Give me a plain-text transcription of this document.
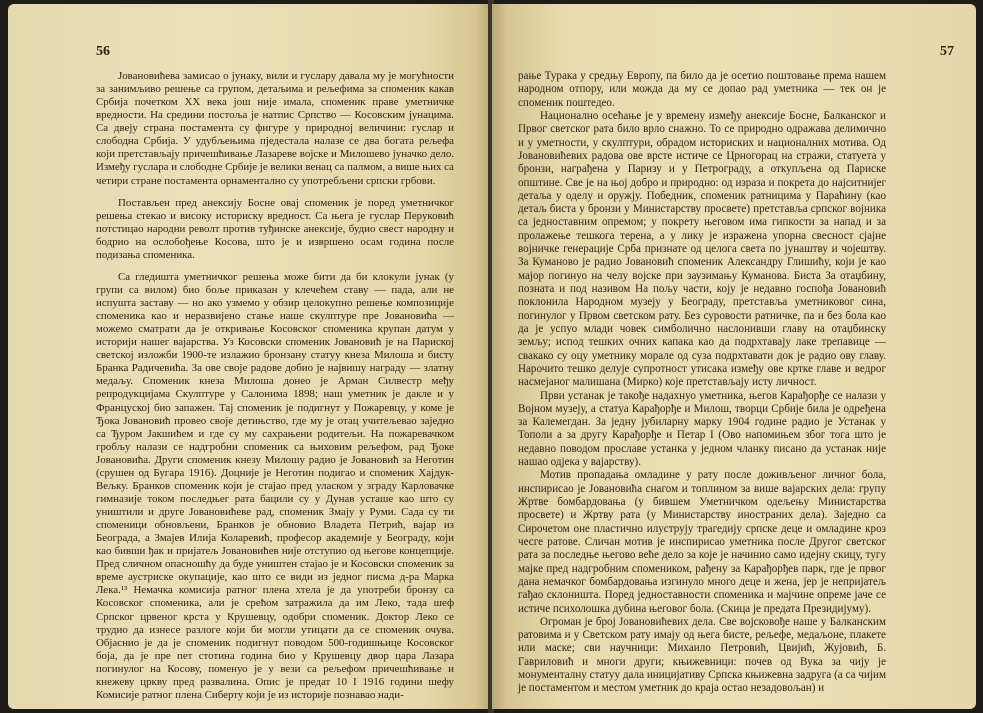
56

Јовановићева замисао о јунаку, вили и гуслару давала му је могућности за занимљиво решење са групом, детаљима и рељефима за споменик какав Србија почетком XX века још није имала, споменик праве уметничке вредности. На средини постоља је натпис Српство — Косовским јунацима. Са двеју страна постамента су фигуре у природној величини: гуслар и слободна Србија. У удубљењима пједестала налазе се два богата рељефа који претстављају причешћивање Лазареве војске и Милошево јуначко дело. Између гуслара и слободне Србије је велики венац са палмом, а више њих са четири стране постамента орнаментално су употребљени српски грбови.

Постављен пред анексију Босне овај споменик је поред уметничког решења стекао и високу историску вредност. Са њега је гуслар Перуковић потстицао народни револт против туђинске анексије, будио свест народну и бодрио на ослобођење Косова, што је и извршено осам година после подизања споменика.

Са гледишта уметничког решења може бити да би клокули јунак (у групи са вилом) био боље приказан у клечећем ставу — пада, али не испушта заставу — но ако узмемо у обзир целокупно решење композиције споменика као и неразвијено стање наше скулптуре пре Јовановића — можемо сматрати да је откривање Косовског споменика крупан датум у историји нашег вајарства. Уз Косовски споменик Јовановић је на Париској светској изложби 1900-те излажио бронзану статуу кнеза Милоша и бисту Бранка Радичевића. За ове своје радове добио је највишу награду — златну медаљу. Споменик кнеза Милоша донео је Арман Силвестр међу репродукцијама Скулптуре у Салонима 1898; наш уметник је дакле и у Француској био запажен. Тај споменик је подигнут у Пожаревцу, у коме је Ђока Јовановић провео своје детињство, где му је отац учитељевао заједно са Ђуром Јакшићем и где су му сахрањени родитељи. На пожаревачком гробљу налази се надгробни споменик са њиховим рељефом, рад Ђоке Јовановића. Други споменик кнезу Милошу радио је Јовановић за Неготин (срушен од Бугара 1916). Доцније је Неготин подигао и споменик Хајдук-Вељку. Бранков споменик који је стајао пред уласком у зграду Карловачке гимназије током последњег рата бацили су у Дунав усташе као што су уништили и друге Јовановићеве рад, споменик Змају у Руми. Сада су ти споменици обновљени, Бранков је обновио Владета Петрић, вајар из Београда, а Змајев Илија Коларевић, професор академије у Београду, који као бивши ђак и пријатељ Јовановићев није отступио од његове концепције. Пред сличном опасношћу да буде уништен стајао је и Косовски споменик за време аустриске окупације, као што се види из једног писма д-ра Марка Лека.¹³ Немачка комисија ратног плена хтела је да употреби бронзу са Косовског споменика, али је срећом затражила да им Леко, тада шеф Српског црвеног крста у Крушевцу, одобри споменик. Доктор Леко се трудио да изнесе разлоге који би могли утицати да се споменик очува. Објаснио је да је споменик подигнут поводом 500-годишњице Косовског боја, да је пре пет стотина година био у Крушевцу двор цара Лазара погинулог на Косову, поменуо је у вези са рељефом причешћивање и кнежеву цркву пред развалина. Опис је предат 10 I 1916 години шефу Комисије ратног плена Сиберту који је из историје познавао нади-

57

рање Турака у средњу Европу, па било да је осетио поштовање према нашем народном отпору, или можда да му се допао рад уметника — тек он је споменик поштедео.

Национално осећање је у времену између анексије Босне, Балканског и Првог светског рата било врло снажно. То се природно одражава делимично и у уметности, у скулптури, обрадом историских и националних мотива. Од Јовановићевих радова ове врсте истиче се Црногорац на стражи, статуета у бронзи, награђена у Паризу и у Петрограду, а откупљена од Париске општине. Све је на њој добро и природно: од израза и покрета до најситнијег детаља у оделу и оружју. Победник, споменик ратницима у Параћину (као детаљ биста у бронзи у Министарству просвете) претставља српског војника са једноставним опремом; у покрету његовом има гипкости за напад и за пролажење тешкога терена, а у лику је изражена упорна свесност сјајне војничке генерације Срба признате од целога света по јунаштву и чојештву. За Куманово је радио Јовановић споменик Александру Глишићу, који је као мајор погинуо на челу војске при заузимању Куманова. Биста За отаџбину, позната и под називом На пољу части, коју је недавно госпођа Јовановић поклонила Народном музеју у Београду, претставља уметниковог сина, погинулог у Првом светском рату. Без суровости ратничке, па и без бола као да је успуо млади човек симболично наслонивши главу на отаџбинску земљу; испод тешких очних капака као да подрхтавају лаке трепавице — свакако су оцу уметнику морале од суза подрхтавати док је радио ову главу. Нарочито тешко делује супротност утисака између ове кртке главе и ведрог насмејаног малишана (Мирко) које претстављају исту личност.

Први устанак је такође надахнуо уметника, његов Карађорђе се налази у Војном музеју, а статуа Карађорђе и Милош, творци Србије била је одређена за Калемегдан. За једну јубиларну марку 1904 године радио је Устанак у Тополи а за другу Карађорђе и Петар I (Ово напомињем због тога што је недавно поводом прославе устанка у једном чланку писано да устанак није нашао одјека у вајарству).

Мотив пропадања омладине у рату после доживљеног личног бола, инспирисао је Јовановића снагом и топлином за више вајарских дела: групу Жртве бомбардовања (у бившем Уметничком одељењу Министарства просвете) и Жртву рата (у Министарству иностраних дела). Заједно са Сирочетом оне пластично илуструју трагедију српске деце и омладине кроз чесге ратове. Сличан мотив је инспирисао уметника после Другог светског рата за последње његово веће дело за које је начинио само идејну скицу, тугу мајке пред надгробним спомеником, рађену за Карађорђев парк, где је првог дана немачког бомбардовања изгинуло много деце и жена, јер је непријатељ гађао склоништа. Поред једноставности споменика и мајчине опреме јаче се истиче психолошка дубина његовог бола. (Скица је предата Президијуму).

Огроман је број Јовановићевих дела. Све војсковође наше у Балканским ратовима и у Светском рату имају од њега бисте, рељефе, медаљоне, плакете или маске; сви научници: Михаило Петровић, Цвијић, Жујовић, Б. Гавриловић и многи други; књижевници: почев од Вука за чију је монументалну статуу дала иницијативу Српска књижевна задруга (а са чијим је постаментом и местом уметник до краја остао незадовољан) и
